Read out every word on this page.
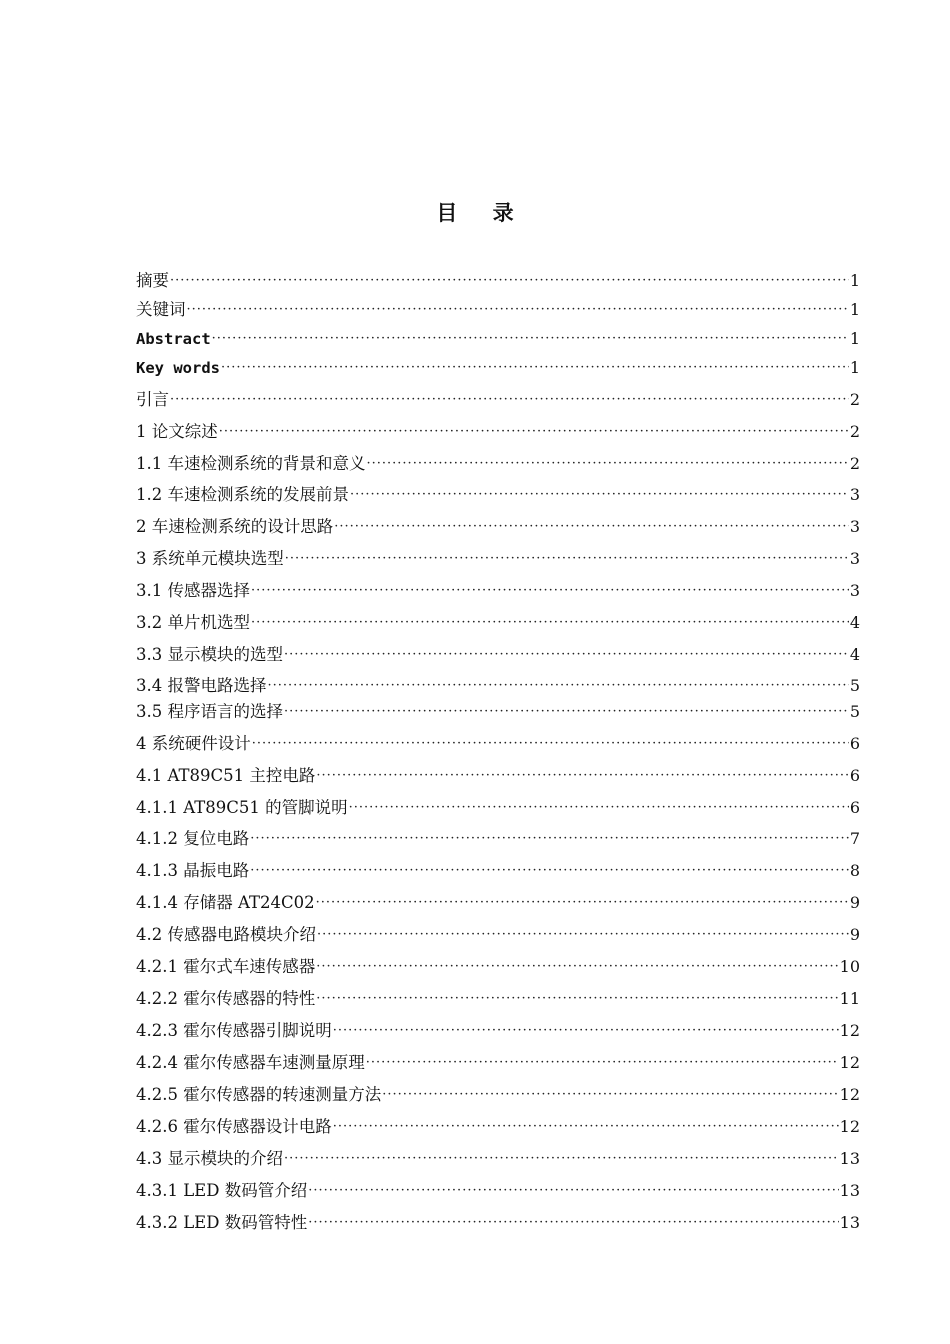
目 录
摘要 ·····	1
关键词 ·····	1
Abstract ·····	1
Key words ·····	1
引言 ·····	2
1 论文综述 ·····	2
1.1 车速检测系统的背景和意义 ·····	2
1.2 车速检测系统的发展前景 ·····	3
2 车速检测系统的设计思路 ·····	3
3 系统单元模块选型 ·····	3
3.1 传感器选择 ·····	3
3.2 单片机选型 ·····	4
3.3 显示模块的选型 ·····	4
3.4 报警电路选择 ·····	5
3.5 程序语言的选择 ·····	5
4 系统硬件设计 ·····	6
4.1 AT89C51 主控电路 ·····	6
4.1.1 AT89C51 的管脚说明 ·····	6
4.1.2 复位电路 ·····	7
4.1.3 晶振电路 ·····	8
4.1.4 存储器 AT24C02 ·····	9
4.2 传感器电路模块介绍 ·····	9
4.2.1 霍尔式车速传感器 ·····	10
4.2.2 霍尔传感器的特性 ·····	11
4.2.3 霍尔传感器引脚说明 ·····	12
4.2.4 霍尔传感器车速测量原理 ·····	12
4.2.5 霍尔传感器的转速测量方法 ·····	12
4.2.6 霍尔传感器设计电路 ·····	12
4.3 显示模块的介绍 ·····	13
4.3.1 LED 数码管介绍 ·····	13
4.3.2 LED 数码管特性 ·····	13
